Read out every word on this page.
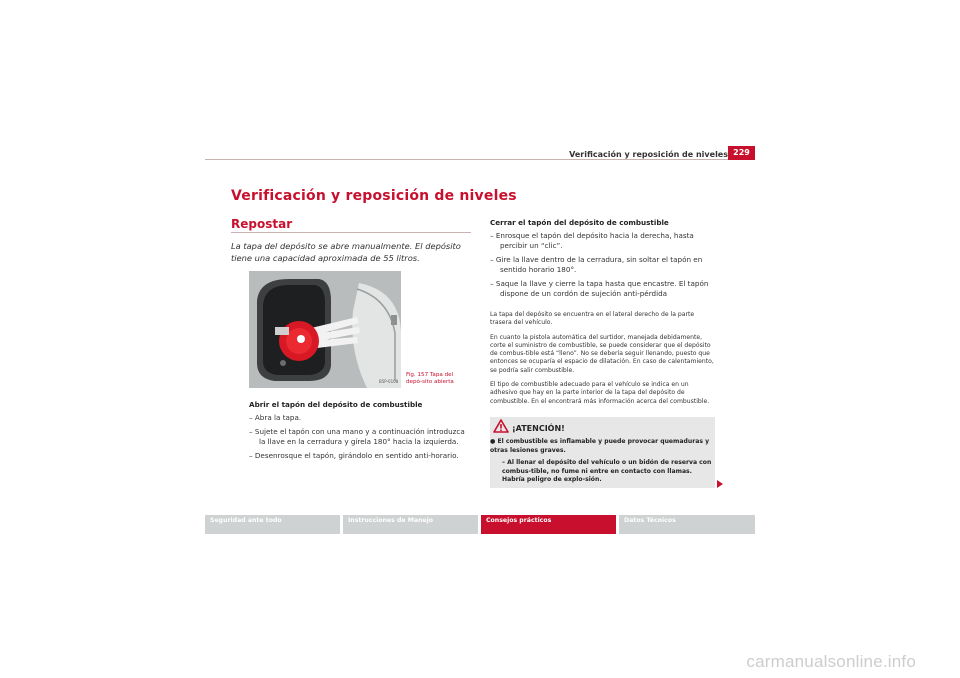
Verificación y reposición de niveles 229
Verificación y reposición de niveles
Repostar
La tapa del depósito se abre manualmente. El depósito tiene una capacidad aproximada de 55 litros.
B5P-0108
Fig. 157 Tapa del depó-sito abierta
Abrir el tapón del depósito de combustible
– Abra la tapa.
– Sujete el tapón con una mano y a continuación introduzca la llave en la cerradura y gírela 180° hacia la izquierda.
– Desenrosque el tapón, girándolo en sentido anti-horario.
Cerrar el tapón del depósito de combustible
– Enrosque el tapón del depósito hacia la derecha, hasta percibir un “clic”.
– Gire la llave dentro de la cerradura, sin soltar el tapón en sentido horario 180°.
– Saque la llave y cierre la tapa hasta que encastre. El tapón dispone de un cordón de sujeción anti-pérdida
La tapa del depósito se encuentra en el lateral derecho de la parte trasera del vehículo.
En cuanto la pistola automática del surtidor, manejada debidamente, corte el suministro de combustible, se puede considerar que el depósito de combus-tible está “lleno”. No se debería seguir llenando, puesto que entonces se ocuparía el espacio de dilatación. En caso de calentamiento, se podría salir combustible.
El tipo de combustible adecuado para el vehículo se indica en un adhesivo que hay en la parte interior de la tapa del depósito de combustible. En el encontrará más información acerca del combustible.
¡ATENCIÓN!
● El combustible es inflamable y puede provocar quemaduras y otras lesiones graves.
– Al llenar el depósito del vehículo o un bidón de reserva con combus-tible, no fume ni entre en contacto con llamas. Habría peligro de explo-sión.
Seguridad ante todo	Instrucciones de Manejo	Consejos prácticos	Datos Técnicos
carmanualsonline.info
